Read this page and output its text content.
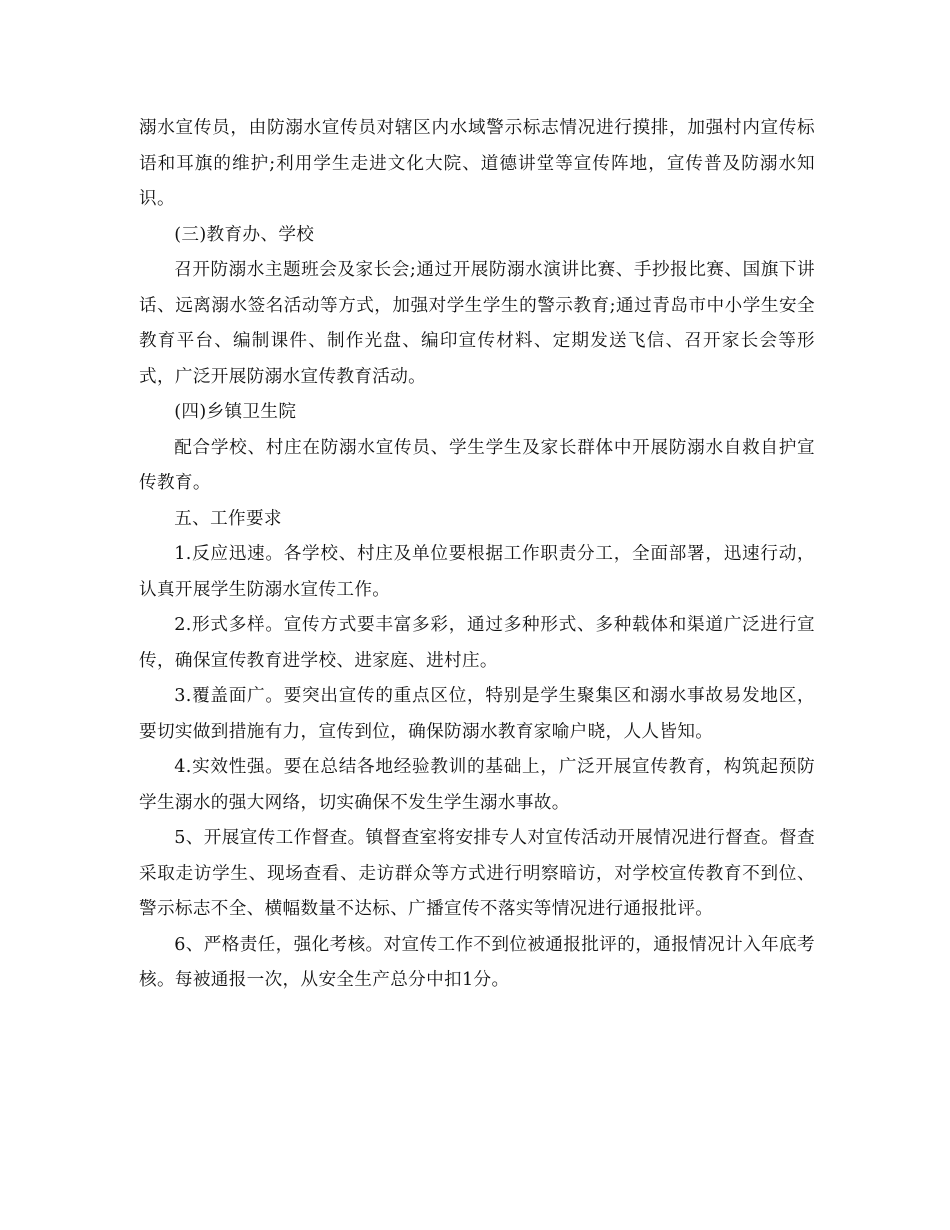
溺水宣传员，由防溺水宣传员对辖区内水域警示标志情况进行摸排，加强村内宣传标语和耳旗的维护;利用学生走进文化大院、道德讲堂等宣传阵地，宣传普及防溺水知识。

(三)教育办、学校

召开防溺水主题班会及家长会;通过开展防溺水演讲比赛、手抄报比赛、国旗下讲话、远离溺水签名活动等方式，加强对学生学生的警示教育;通过青岛市中小学生安全教育平台、编制课件、制作光盘、编印宣传材料、定期发送飞信、召开家长会等形式，广泛开展防溺水宣传教育活动。

(四)乡镇卫生院

配合学校、村庄在防溺水宣传员、学生学生及家长群体中开展防溺水自救自护宣传教育。

五、工作要求

1.反应迅速。各学校、村庄及单位要根据工作职责分工，全面部署，迅速行动，认真开展学生防溺水宣传工作。

2.形式多样。宣传方式要丰富多彩，通过多种形式、多种载体和渠道广泛进行宣传，确保宣传教育进学校、进家庭、进村庄。

3.覆盖面广。要突出宣传的重点区位，特别是学生聚集区和溺水事故易发地区，要切实做到措施有力，宣传到位，确保防溺水教育家喻户晓，人人皆知。

4.实效性强。要在总结各地经验教训的基础上，广泛开展宣传教育，构筑起预防学生溺水的强大网络，切实确保不发生学生溺水事故。

5、开展宣传工作督查。镇督查室将安排专人对宣传活动开展情况进行督查。督查采取走访学生、现场查看、走访群众等方式进行明察暗访，对学校宣传教育不到位、警示标志不全、横幅数量不达标、广播宣传不落实等情况进行通报批评。

6、严格责任，强化考核。对宣传工作不到位被通报批评的，通报情况计入年底考核。每被通报一次，从安全生产总分中扣1分。
